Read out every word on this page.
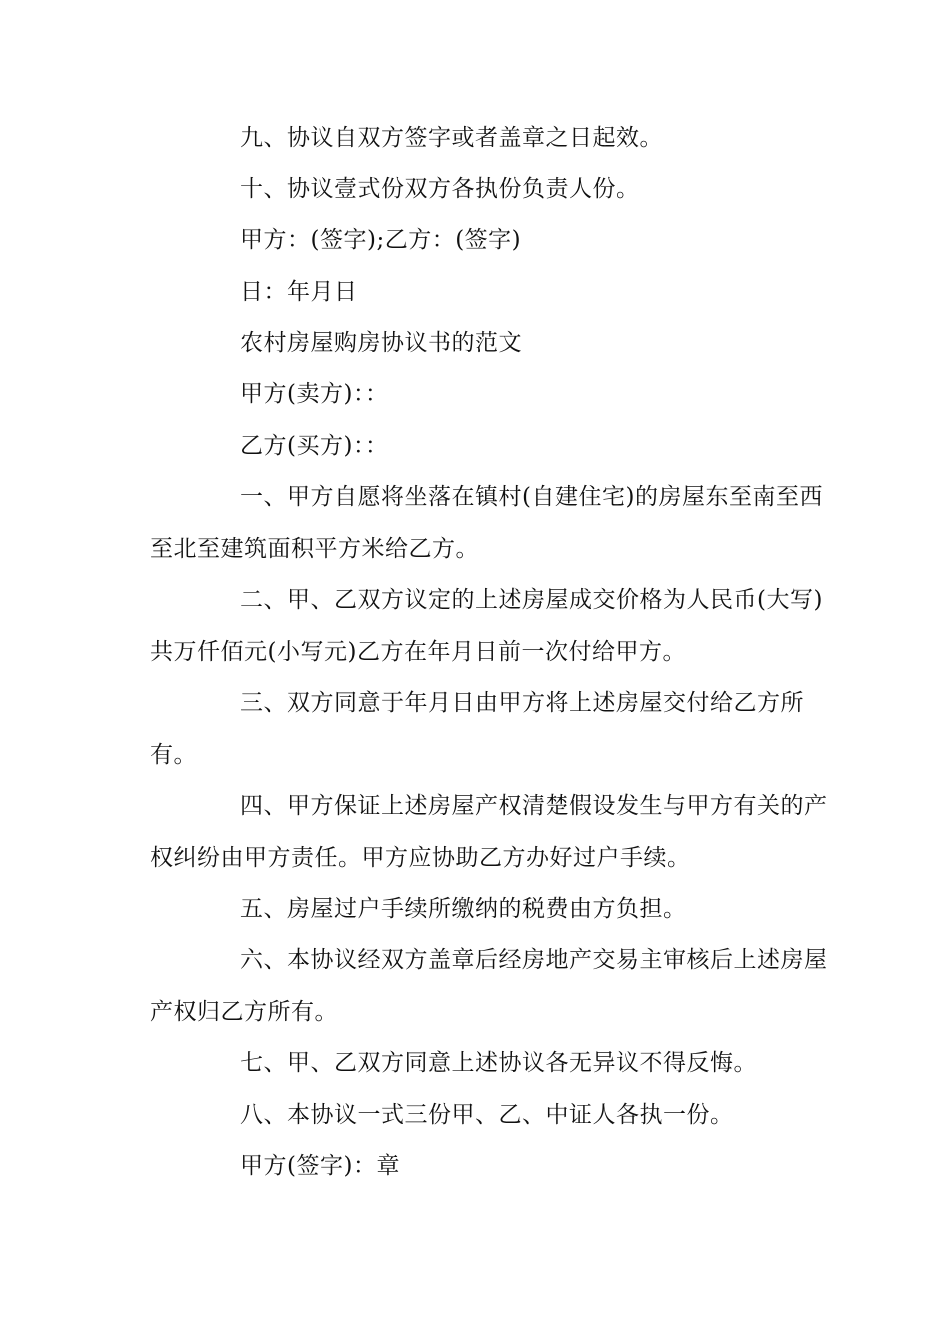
九、协议自双方签字或者盖章之日起效。
十、协议壹式份双方各执份负责人份。
甲方：(签字);乙方：(签字)
日：年月日
农村房屋购房协议书的范文
甲方(卖方)：：
乙方(买方)：：
一、甲方自愿将坐落在镇村(自建住宅)的房屋东至南至西
至北至建筑面积平方米给乙方。
二、甲、乙双方议定的上述房屋成交价格为人民币(大写)
共万仟佰元(小写元)乙方在年月日前一次付给甲方。
三、双方同意于年月日由甲方将上述房屋交付给乙方所
有。
四、甲方保证上述房屋产权清楚假设发生与甲方有关的产
权纠纷由甲方责任。甲方应协助乙方办好过户手续。
五、房屋过户手续所缴纳的税费由方负担。
六、本协议经双方盖章后经房地产交易主审核后上述房屋
产权归乙方所有。
七、甲、乙双方同意上述协议各无异议不得反悔。
八、本协议一式三份甲、乙、中证人各执一份。
甲方(签字)：章
